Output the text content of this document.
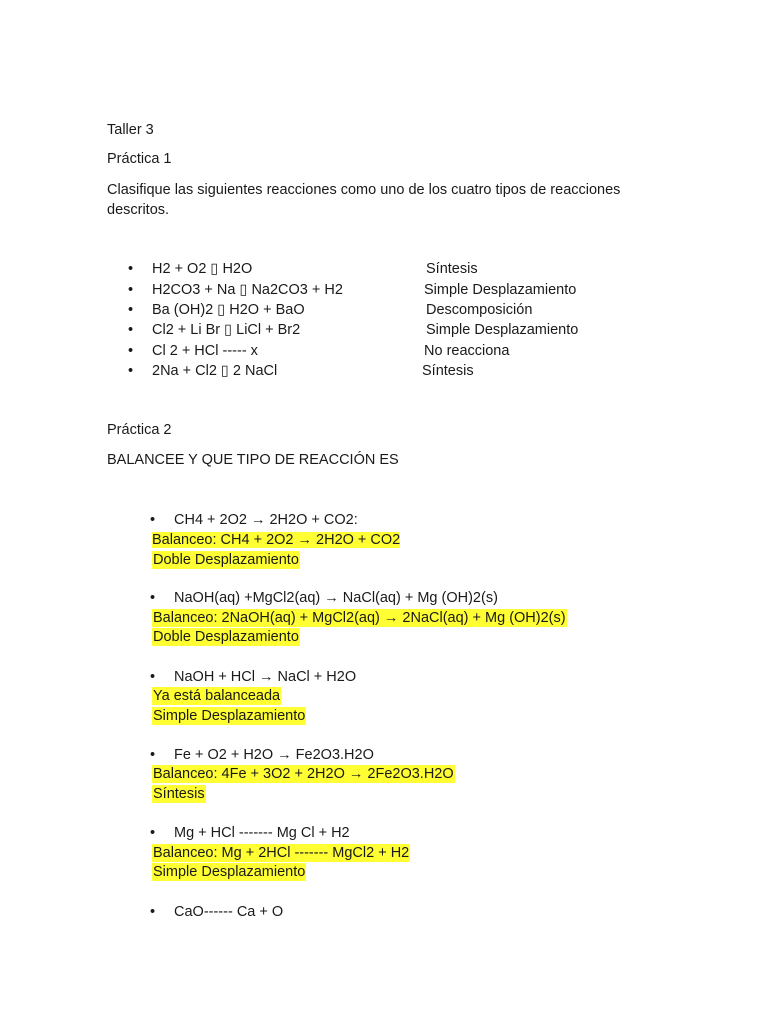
Taller 3
Práctica 1
Clasifique las siguientes reacciones como uno de los cuatro tipos de reacciones descritos.
• H2 + O2 ▯ H2O	Síntesis
• H2CO3 + Na ▯ Na2CO3 + H2	Simple Desplazamiento
• Ba (OH)2 ▯ H2O + BaO	Descomposición
• Cl2 + Li Br ▯ LiCl + Br2	Simple Desplazamiento
• Cl 2 + HCl ----- x	No reacciona
• 2Na + Cl2 ▯ 2 NaCl	Síntesis
Práctica 2
BALANCEE Y QUE TIPO DE REACCIÓN ES
• CH4 + 2O2 → 2H2O + CO2:
Balanceo: CH4 + 2O2 → 2H2O + CO2
Doble Desplazamiento
• NaOH(aq) +MgCl2(aq) → NaCl(aq) + Mg (OH)2(s)
Balanceo: 2NaOH(aq) + MgCl2(aq) → 2NaCl(aq) + Mg (OH)2(s)
Doble Desplazamiento
• NaOH + HCl → NaCl + H2O
Ya está balanceada
Simple Desplazamiento
• Fe + O2 + H2O → Fe2O3.H2O
Balanceo: 4Fe + 3O2 + 2H2O → 2Fe2O3.H2O
Síntesis
• Mg + HCl ------- Mg Cl + H2
Balanceo: Mg + 2HCl ------- MgCl2 + H2
Simple Desplazamiento
• CaO------ Ca + O
